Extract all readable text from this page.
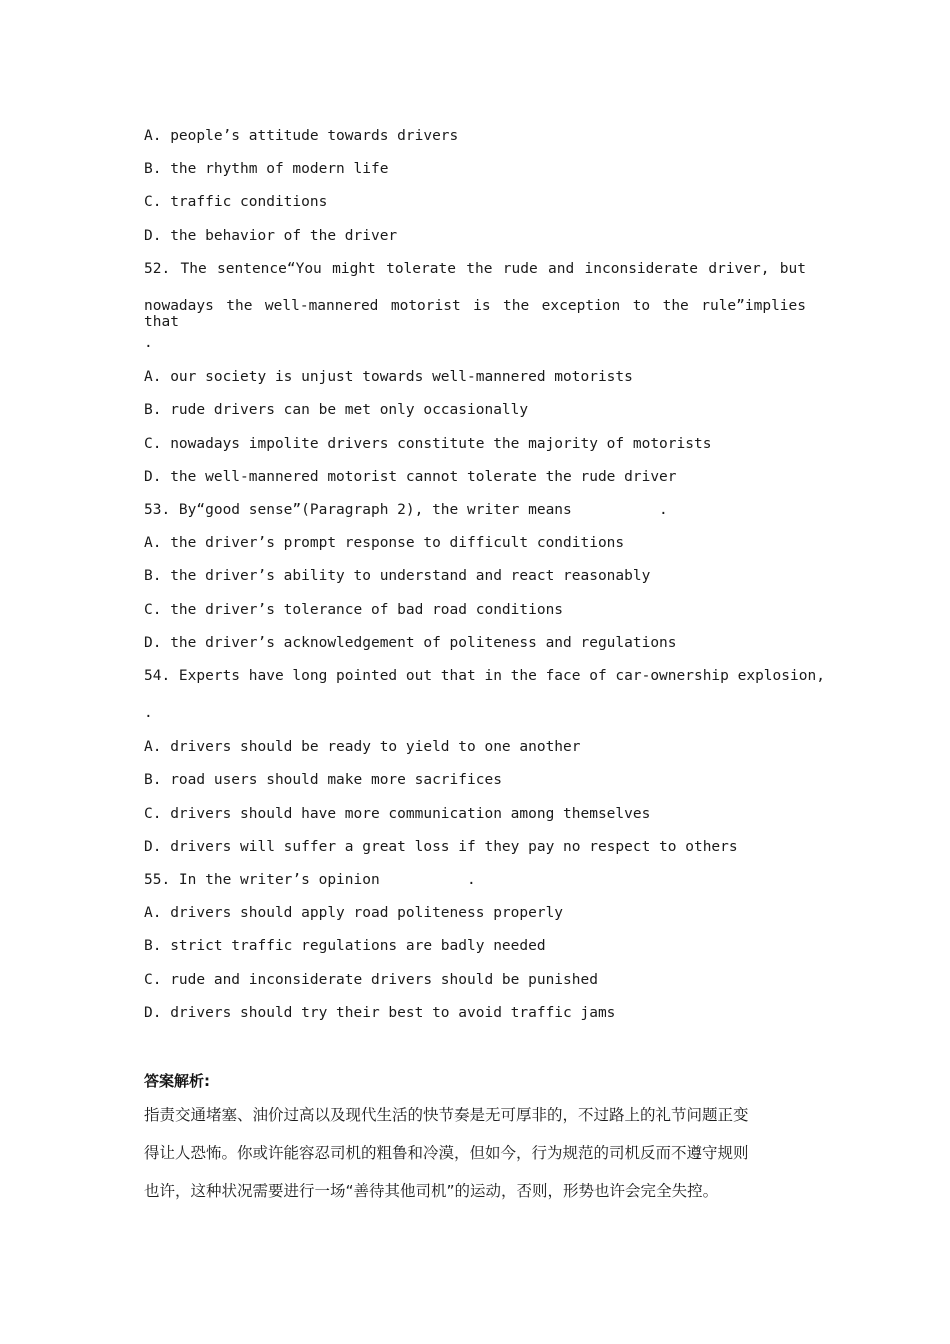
A. people’s attitude towards drivers
B. the rhythm of modern life
C. traffic conditions
D. the behavior of the driver
52. The sentence“You might tolerate the rude and inconsiderate driver, but
nowadays the well-mannered motorist is the exception to the rule”implies that
.
A. our society is unjust towards well-mannered motorists
B. rude drivers can be met only occasionally
C. nowadays impolite drivers constitute the majority of motorists
D. the well-mannered motorist cannot tolerate the rude driver
53. By“good sense”(Paragraph 2), the writer means          .
A. the driver’s prompt response to difficult conditions
B. the driver’s ability to understand and react reasonably
C. the driver’s tolerance of bad road conditions
D. the driver’s acknowledgement of politeness and regulations
54. Experts have long pointed out that in the face of car-ownership explosion,
.
A. drivers should be ready to yield to one another
B. road users should make more sacrifices
C. drivers should have more communication among themselves
D. drivers will suffer a great loss if they pay no respect to others
55. In the writer’s opinion          .
A. drivers should apply road politeness properly
B. strict traffic regulations are badly needed
C. rude and inconsiderate drivers should be punished
D. drivers should try their best to avoid traffic jams
答案解析:
指责交通堵塞、油价过高以及现代生活的快节奏是无可厚非的，不过路上的礼节问题正变
得让人恐怖。你或许能容忍司机的粗鲁和冷漠，但如今，行为规范的司机反而不遵守规则
也许，这种状况需要进行一场“善待其他司机”的运动，否则，形势也许会完全失控。
